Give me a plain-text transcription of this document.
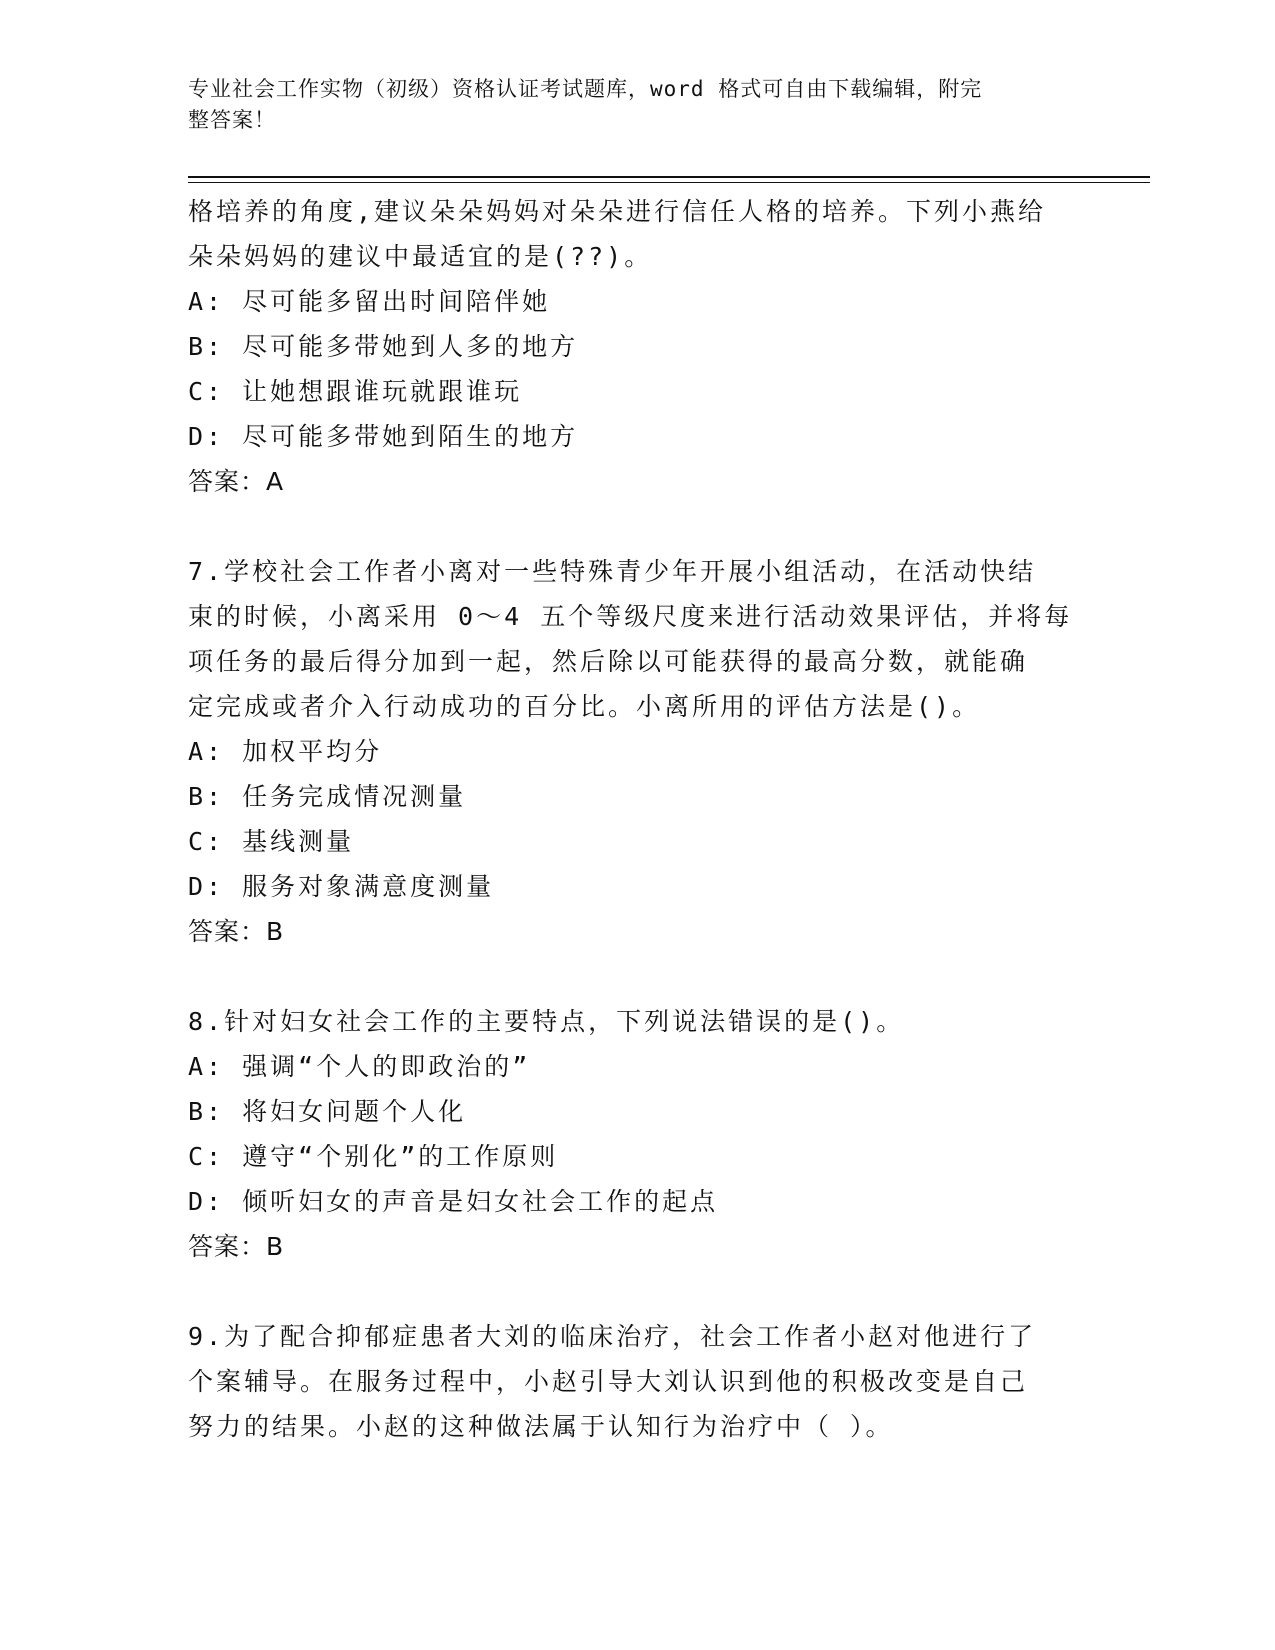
专业社会工作实物（初级）资格认证考试题库，word 格式可自由下载编辑，附完
整答案！
格培养的角度,建议朵朵妈妈对朵朵进行信任人格的培养。下列小燕给
朵朵妈妈的建议中最适宜的是(??)。
A: 尽可能多留出时间陪伴她
B: 尽可能多带她到人多的地方
C: 让她想跟谁玩就跟谁玩
D: 尽可能多带她到陌生的地方
答案：A
7.学校社会工作者小离对一些特殊青少年开展小组活动，在活动快结
束的时候，小离采用 0～4 五个等级尺度来进行活动效果评估，并将每
项任务的最后得分加到一起，然后除以可能获得的最高分数，就能确
定完成或者介入行动成功的百分比。小离所用的评估方法是()。
A: 加权平均分
B: 任务完成情况测量
C: 基线测量
D: 服务对象满意度测量
答案：B
8.针对妇女社会工作的主要特点，下列说法错误的是()。
A: 强调“个人的即政治的”
B: 将妇女问题个人化
C: 遵守“个别化”的工作原则
D: 倾听妇女的声音是妇女社会工作的起点
答案：B
9.为了配合抑郁症患者大刘的临床治疗，社会工作者小赵对他进行了
个案辅导。在服务过程中，小赵引导大刘认识到他的积极改变是自己
努力的结果。小赵的这种做法属于认知行为治疗中（ ）。
